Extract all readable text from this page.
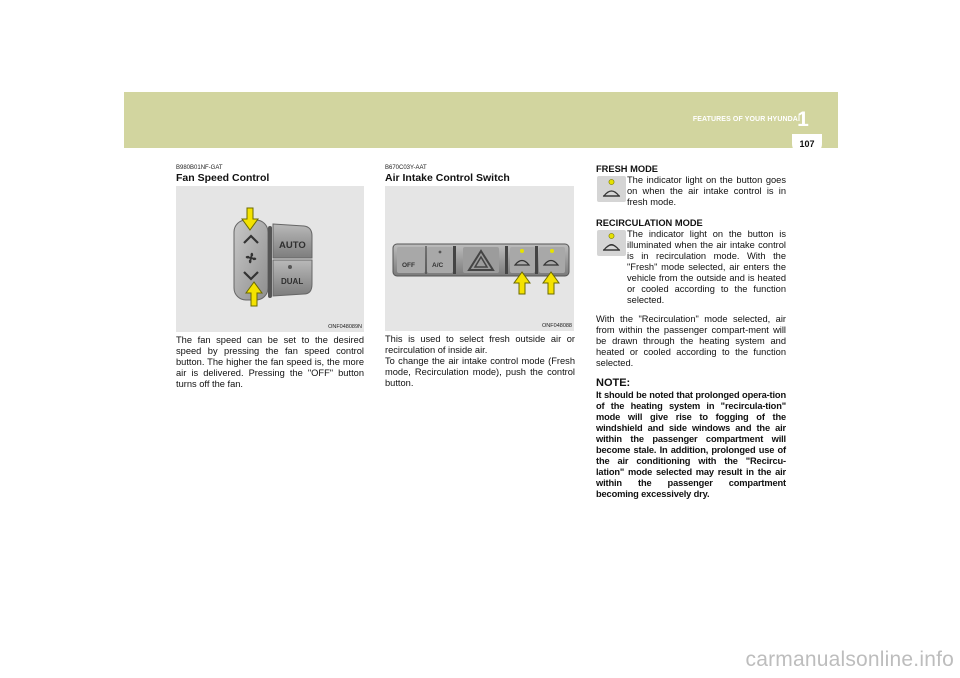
FEATURES OF YOUR HYUNDAI
1
107
B980B01NF-GAT
Fan Speed Control
AUTO
DUAL
ONF048089N
The fan speed can be set to the desired speed by pressing the fan speed control button. The higher the fan speed is, the more air is delivered. Pressing the "OFF" button turns off the fan.
B670C03Y-AAT
Air Intake Control Switch
OFF	A/C
ONF048088
This is used to select fresh outside air or recirculation of inside air.
To change the air intake control mode (Fresh mode, Recirculation mode), push the control button.
FRESH MODE
The indicator light on the button goes on when the air intake control is in fresh mode.
RECIRCULATION MODE
The indicator light on the button is illuminated when the air intake control is in recirculation mode. With the "Fresh" mode selected, air enters the vehicle from the outside and is heated or cooled according to the function selected.
With the "Recirculation" mode selected, air from within the passenger compart-ment will be drawn through the heating system and heated or cooled according to the function selected.
NOTE:
It should be noted that prolonged opera-tion of the heating system in "recircula-tion" mode will give rise to fogging of the windshield and side windows and the air within the passenger compartment will become stale. In addition, prolonged use of the air conditioning with the "Recircu-lation" mode selected may result in the air within the passenger compartment becoming excessively dry.
carmanualsonline.info
